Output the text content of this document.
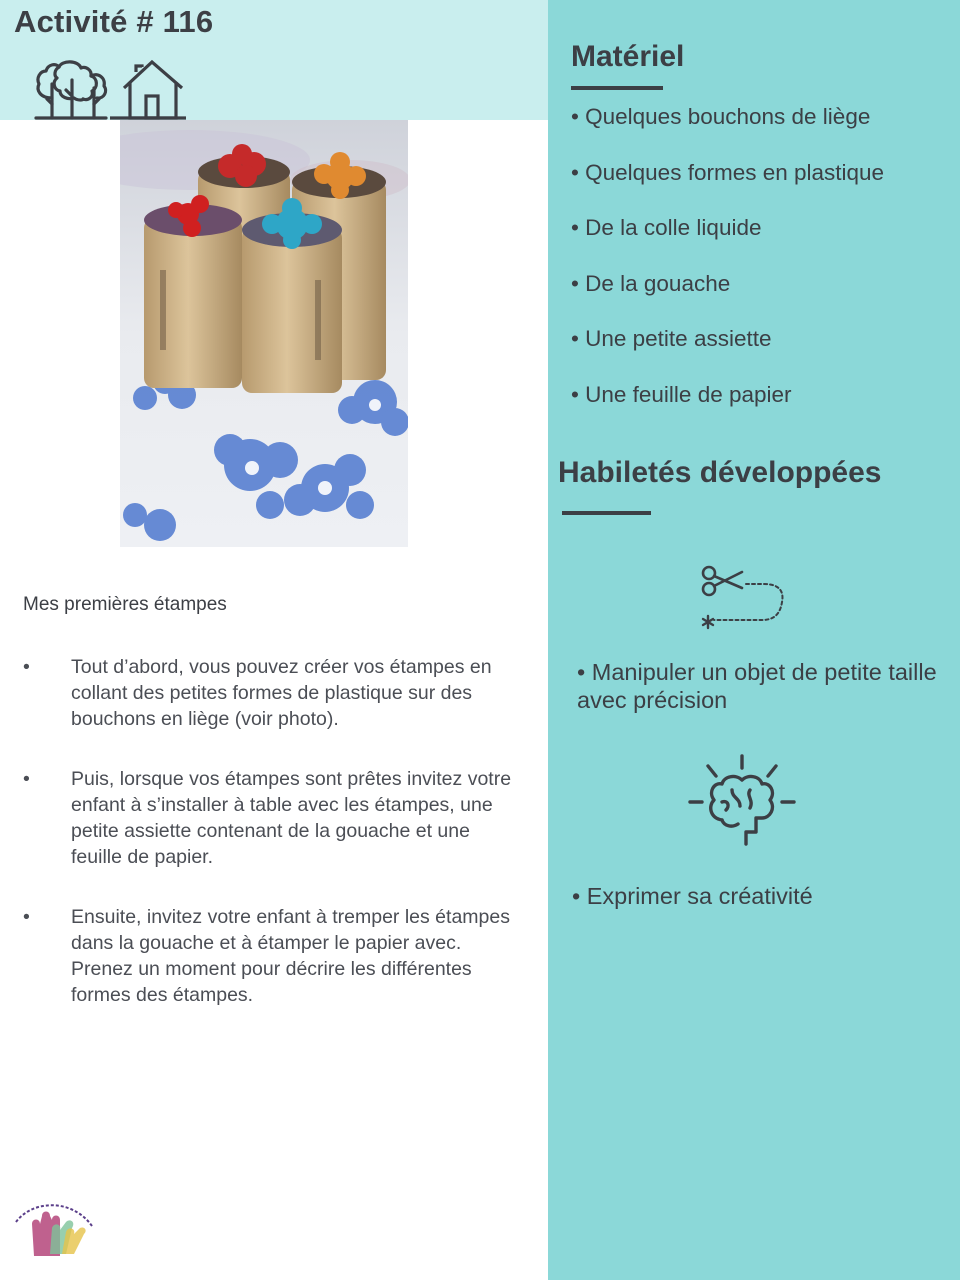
Activité # 116
Mes premières étampes
• Tout d’abord, vous pouvez créer vos étampes en collant des petites formes de plastique sur des bouchons en liège (voir photo).
• Puis, lorsque vos étampes sont prêtes invitez votre enfant à s’installer à table avec les étampes, une petite assiette contenant de la gouache et une feuille de papier.
• Ensuite, invitez votre enfant à tremper les étampes dans la gouache et à étamper le papier avec. Prenez un moment pour décrire les différentes formes des étampes.
Matériel
• Quelques bouchons de liège
• Quelques formes en plastique
• De la colle liquide
• De la gouache
• Une petite assiette
• Une feuille de papier
Habiletés développées
• Manipuler un objet de petite taille avec précision
• Exprimer sa créativité
